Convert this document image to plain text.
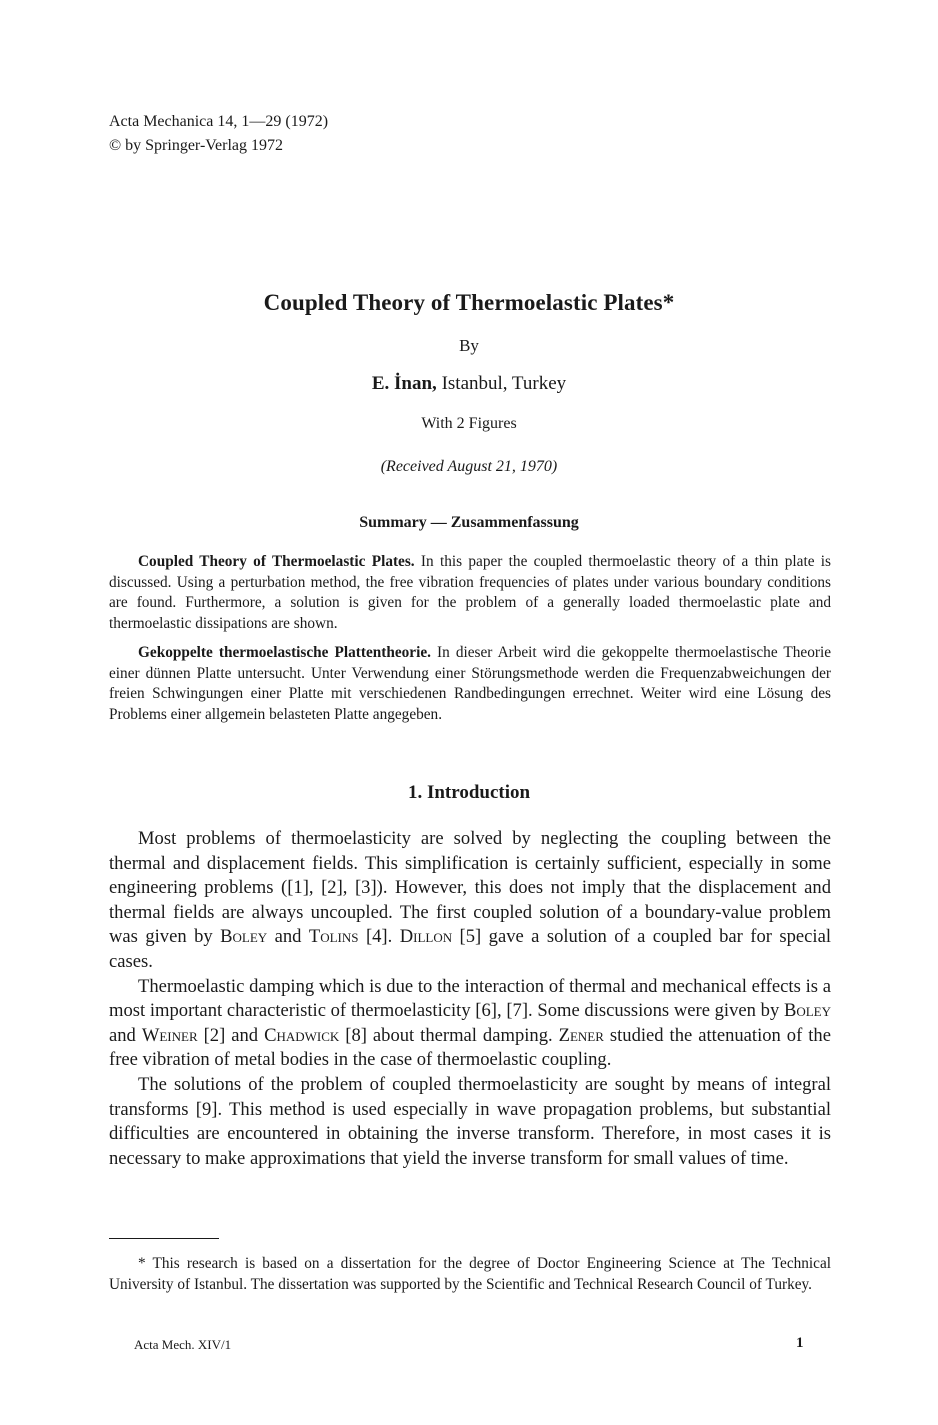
Acta Mechanica 14, 1—29 (1972)
© by Springer-Verlag 1972
Coupled Theory of Thermoelastic Plates*
By
E. İnan, Istanbul, Turkey
With 2 Figures
(Received August 21, 1970)
Summary — Zusammenfassung
Coupled Theory of Thermoelastic Plates. In this paper the coupled thermoelastic theory of a thin plate is discussed. Using a perturbation method, the free vibration frequencies of plates under various boundary conditions are found. Furthermore, a solution is given for the problem of a generally loaded thermoelastic plate and thermoelastic dissipations are shown.
Gekoppelte thermoelastische Plattentheorie. In dieser Arbeit wird die gekoppelte thermoelastische Theorie einer dünnen Platte untersucht. Unter Verwendung einer Störungsmethode werden die Frequenzabweichungen der freien Schwingungen einer Platte mit verschiedenen Randbedingungen errechnet. Weiter wird eine Lösung des Problems einer allgemein belasteten Platte angegeben.
1. Introduction

Most problems of thermoelasticity are solved by neglecting the coupling between the thermal and displacement fields. This simplification is certainly sufficient, especially in some engineering problems ([1], [2], [3]). However, this does not imply that the displacement and thermal fields are always uncoupled. The first coupled solution of a boundary-value problem was given by Boley and Tolins [4]. Dillon [5] gave a solution of a coupled bar for special cases.

Thermoelastic damping which is due to the interaction of thermal and mechanical effects is a most important characteristic of thermoelasticity [6], [7]. Some discussions were given by Boley and Weiner [2] and Chadwick [8] about thermal damping. Zener studied the attenuation of the free vibration of metal bodies in the case of thermoelastic coupling.

The solutions of the problem of coupled thermoelasticity are sought by means of integral transforms [9]. This method is used especially in wave propagation problems, but substantial difficulties are encountered in obtaining the inverse transform. Therefore, in most cases it is necessary to make approximations that yield the inverse transform for small values of time.

* This research is based on a dissertation for the degree of Doctor Engineering Science at The Technical University of Istanbul. The dissertation was supported by the Scientific and Technical Research Council of Turkey.
Acta Mech. XIV/1	1
